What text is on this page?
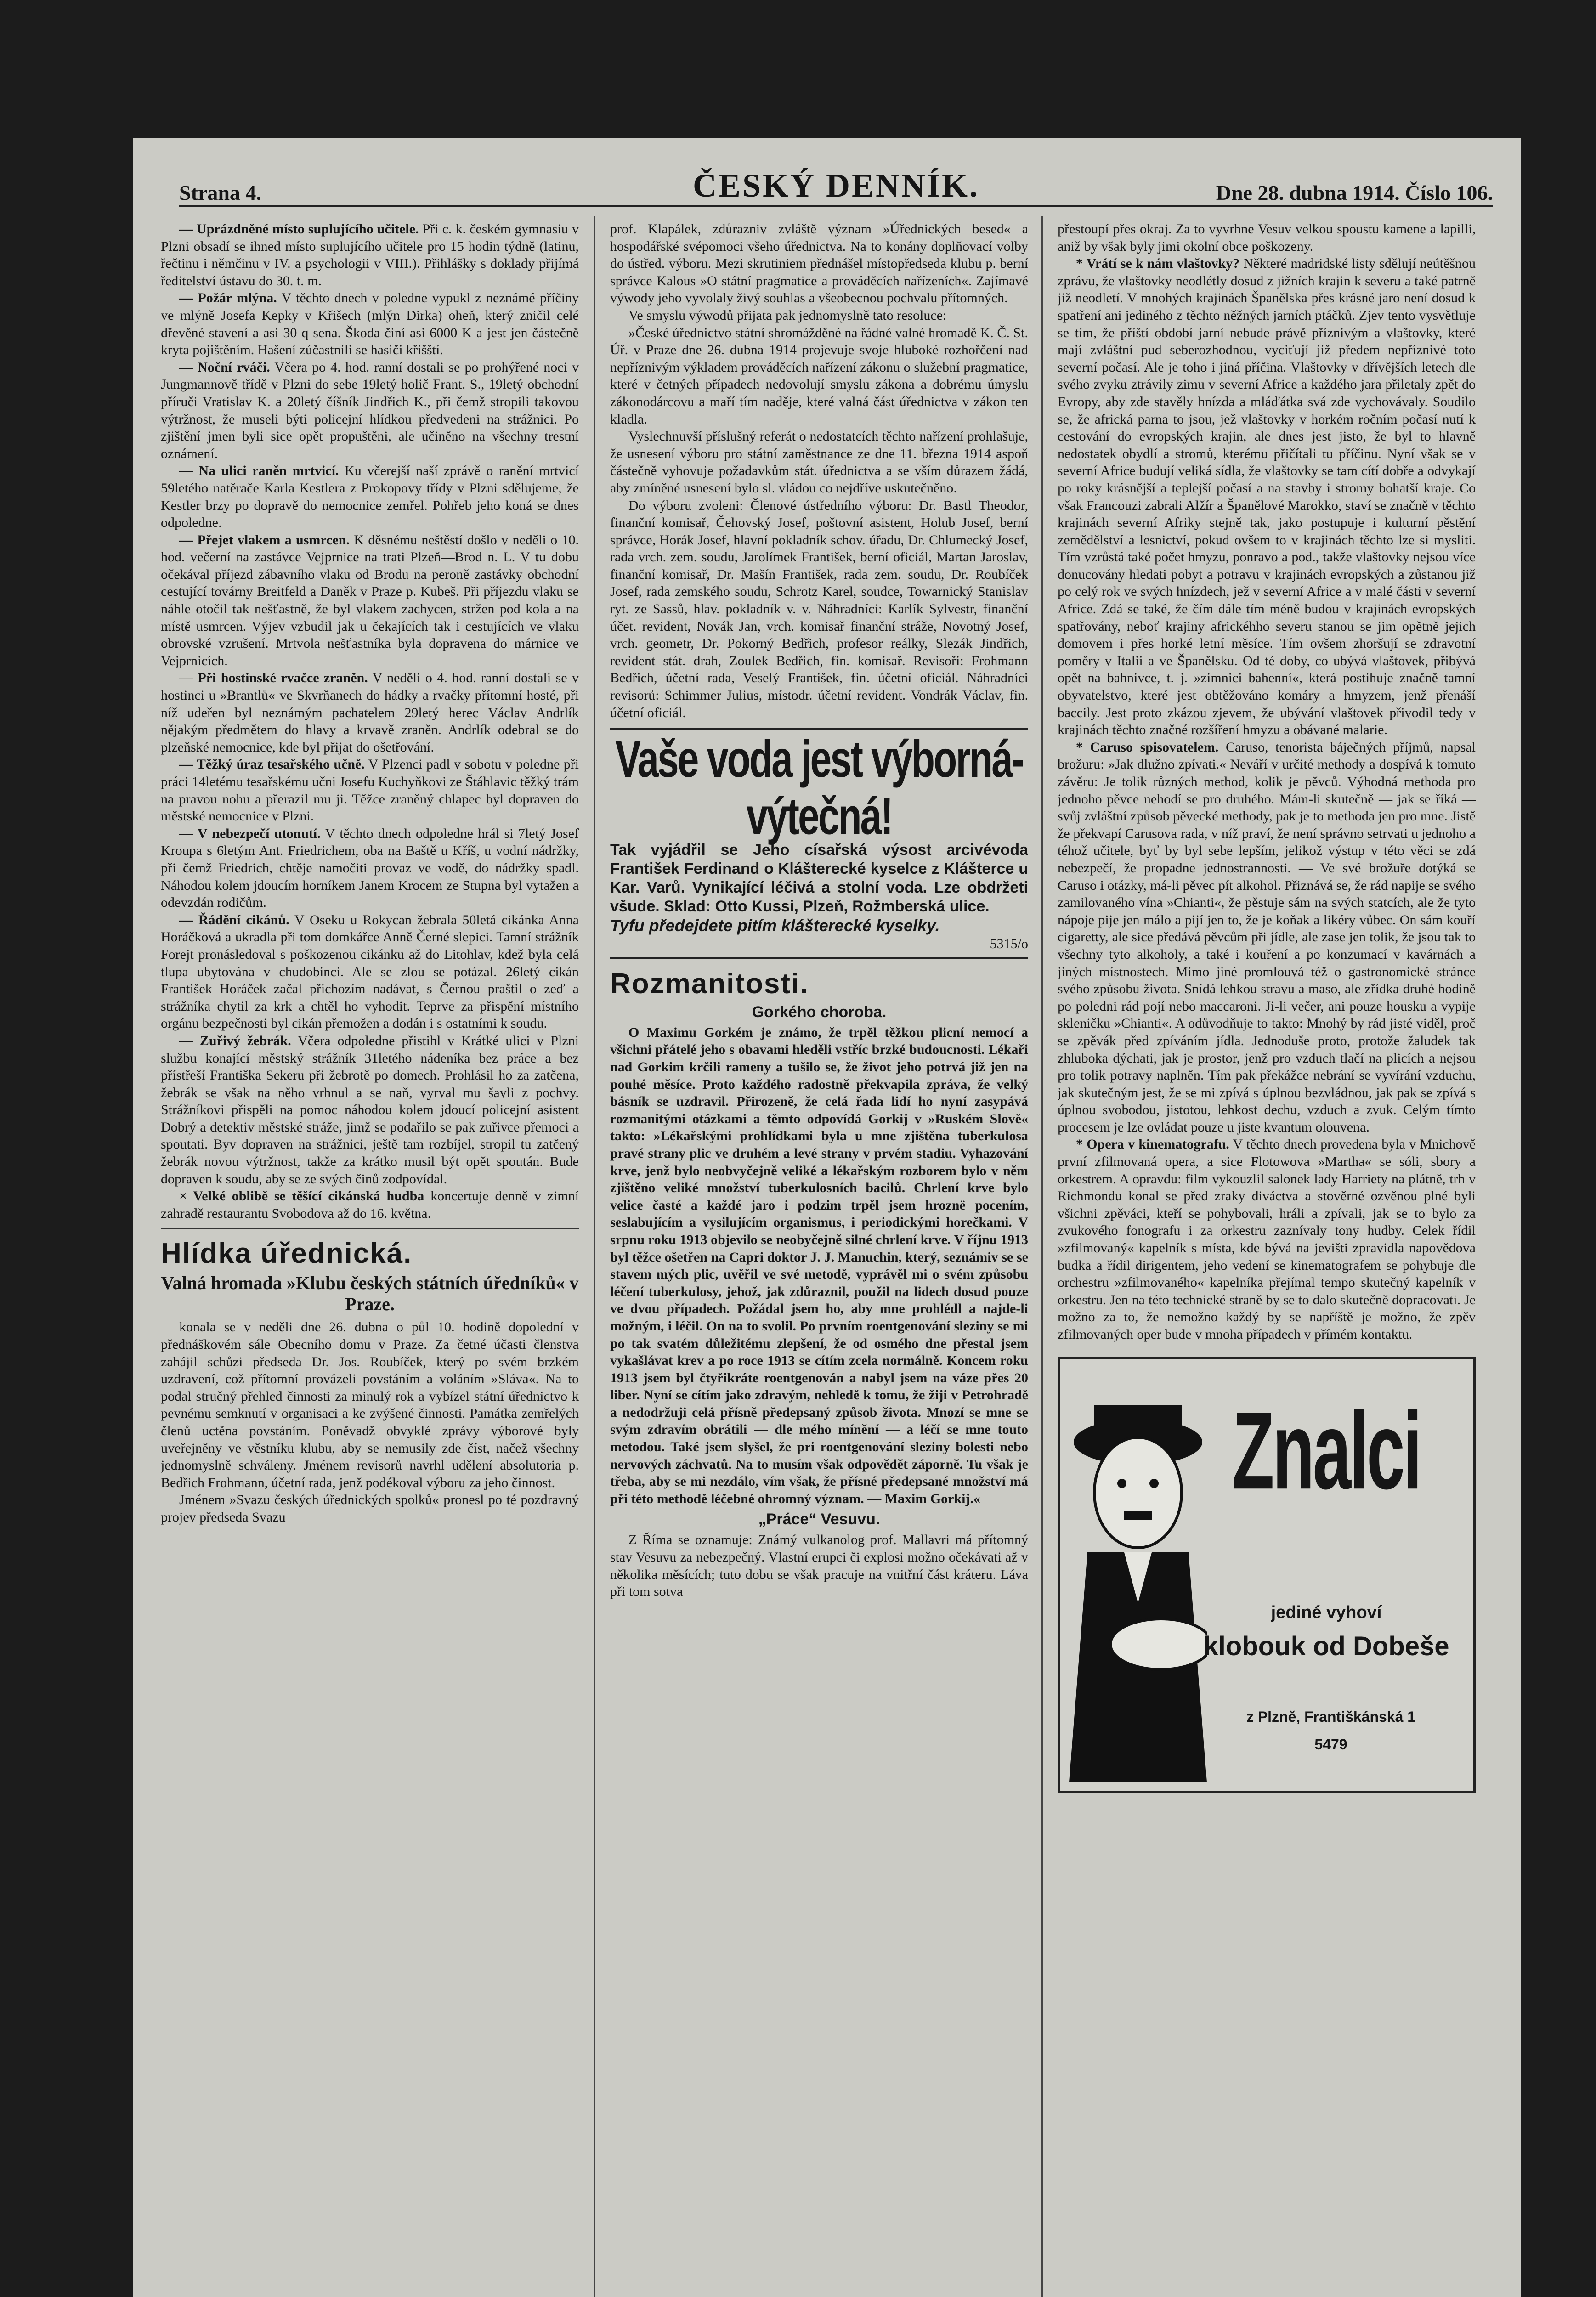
Strana 4.	ČESKÝ DENNÍK.	Dne 28. dubna 1914. Číslo 106.

— Uprázdněné místo suplujícího učitele. Při c. k. českém gymnasiu v Plzni obsadí se ihned místo suplujícího učitele pro 15 hodin týdně (latinu, řečtinu i němčinu v IV. a psychologii v VIII.). Přihlášky s doklady přijímá ředitelství ústavu do 30. t. m.

— Požár mlýna. V těchto dnech v poledne vypukl z neznámé příčiny ve mlýně Josefa Kepky v Křišech (mlýn Dirka) oheň, který zničil celé dřevěné stavení a asi 30 q sena. Škoda činí asi 6000 K a jest jen částečně kryta pojištěním. Hašení zúčastnili se hasiči křišští.

— Noční rváči. Včera po 4. hod. ranní dostali se po prohýřené noci v Jungmannově třídě v Plzni do sebe 19letý holič Frant. S., 19letý obchodní příruči Vratislav K. a 20letý číšník Jindřich K., při čemž stropili takovou výtržnost, že museli býti policejní hlídkou předvedeni na strážnici. Po zjištění jmen byli sice opět propuštěni, ale učiněno na všechny trestní oznámení.

— Na ulici raněn mrtvicí. Ku včerejší naší zprávě o ranění mrtvicí 59letého natěrače Karla Kestlera z Prokopovy třídy v Plzni sdělujeme, že Kestler brzy po dopravě do nemocnice zemřel. Pohřeb jeho koná se dnes odpoledne.

— Přejet vlakem a usmrcen. K děsnému neštěstí došlo v neděli o 10. hod. večerní na zastávce Vejprnice na trati Plzeň—Brod n. L. V tu dobu očekával příjezd zábavního vlaku od Brodu na peroně zastávky obchodní cestující továrny Breitfeld a Daněk v Praze p. Kubeš. Při příjezdu vlaku se náhle otočil tak nešťastně, že byl vlakem zachycen, stržen pod kola a na místě usmrcen. Výjev vzbudil jak u čekajících tak i cestujících ve vlaku obrovské vzrušení. Mrtvola nešťastníka byla dopravena do márnice ve Vejprnicích.

— Při hostinské rvačce zraněn. V neděli o 4. hod. ranní dostali se v hostinci u »Brantlů« ve Skvrňanech do hádky a rvačky přítomní hosté, při níž udeřen byl neznámým pachatelem 29letý herec Václav Andrlík nějakým předmětem do hlavy a krvavě zraněn. Andrlík odebral se do plzeňské nemocnice, kde byl přijat do ošetřování.

— Těžký úraz tesařského učně. V Plzenci padl v sobotu v poledne při práci 14letému tesařskému učni Josefu Kuchyňkovi ze Štáhlavic těžký trám na pravou nohu a přerazil mu ji. Těžce zraněný chlapec byl dopraven do městské nemocnice v Plzni.

— V nebezpečí utonutí. V těchto dnech odpoledne hrál si 7letý Josef Kroupa s 6letým Ant. Friedrichem, oba na Baště u Kříš, u vodní nádržky, při čemž Friedrich, chtěje namočiti provaz ve vodě, do nádržky spadl. Náhodou kolem jdoucím horníkem Janem Krocem ze Stupna byl vytažen a odevzdán rodičům.

— Řádění cikánů. V Oseku u Rokycan žebrala 50letá cikánka Anna Horáčková a ukradla při tom domkářce Anně Černé slepici. Tamní strážník Forejt pronásledoval s poškozenou cikánku až do Litohlav, kdež byla celá tlupa ubytována v chudobinci. Ale se zlou se potázal. 26letý cikán František Horáček začal přichozím nadávat, s Černou praštil o zeď a strážníka chytil za krk a chtěl ho vyhodit. Teprve za přispění místního orgánu bezpečnosti byl cikán přemožen a dodán i s ostatními k soudu.

— Zuřivý žebrák. Včera odpoledne přistihl v Krátké ulici v Plzni službu konající městský strážník 31letého nádeníka bez práce a bez přístřeší Františka Sekeru při žebrotě po domech. Prohlásil ho za zatčena, žebrák se však na něho vrhnul a se naň, vyrval mu šavli z pochvy. Strážníkovi přispěli na pomoc náhodou kolem jdoucí policejní asistent Dobrý a detektiv městské stráže, jimž se podařilo se pak zuřivce přemoci a spoutati. Byv dopraven na strážnici, ještě tam rozbíjel, stropil tu zatčený žebrák novou výtržnost, takže za krátko musil být opět spoután. Bude dopraven k soudu, aby se ze svých činů zodpovídal.

× Velké oblibě se těšící cikánská hudba koncertuje denně v zimní zahradě restaurantu Svobodova až do 16. května.

Hlídka úřednická.
Valná hromada »Klubu českých státních úředníků« v Praze.

konala se v neděli dne 26. dubna o půl 10. hodině dopolední v přednáškovém sále Obecního domu v Praze. Za četné účasti členstva zahájil schůzi předseda Dr. Jos. Roubíček, který po svém brzkém uzdravení, což přítomní provázeli povstáním a voláním »Sláva«. Na to podal stručný přehled činnosti za minulý rok a vybízel státní úřednictvo k pevnému semknutí v organisaci a ke zvýšené činnosti. Památka zemřelých členů uctěna povstáním. Poněvadž obvyklé zprávy výborové byly uveřejněny ve věstníku klubu, aby se nemusily zde číst, načež všechny jednomyslně schváleny. Jménem revisorů navrhl udělení absolutoria p. Bedřich Frohmann, účetní rada, jenž podékoval výboru za jeho činnost.

Jménem »Svazu českých úřednických spolků« pronesl po té pozdravný projev předseda Svazu

prof. Klapálek, zdůrazniv zvláště význam »Úřednických besed« a hospodářské svépomoci všeho úřednictva. Na to konány doplňovací volby do ústřed. výboru. Mezi skrutiniem přednášel místopředseda klubu p. berní správce Kalous »O státní pragmatice a prováděcích nařízeních«. Zajímavé výwody jeho vyvolaly živý souhlas a všeobecnou pochvalu přítomných.

Ve smyslu výwodů přijata pak jednomyslně tato resoluce:

»České úřednictvo státní shromážděné na řádné valné hromadě K. Č. St. Úř. v Praze dne 26. dubna 1914 projevuje svoje hluboké rozhořčení nad nepříznivým výkladem prováděcích nařízení zákonu o služební pragmatice, které v četných případech nedovolují smyslu zákona a dobrému úmyslu zákonodárcovu a maří tím naděje, které valná část úřednictva v zákon ten kladla.

Vyslechnuvší příslušný referát o nedostatcích těchto nařízení prohlašuje, že usnesení výboru pro státní zaměstnance ze dne 11. března 1914 aspoň částečně vyhovuje požadavkům stát. úřednictva a se vším důrazem žádá, aby zmíněné usnesení bylo sl. vládou co nejdříve uskutečněno.

Do výboru zvoleni: Členové ústředního výboru: Dr. Bastl Theodor, finanční komisař, Čehovský Josef, poštovní asistent, Holub Josef, berní správce, Horák Josef, hlavní pokladník schov. úřadu, Dr. Chlumecký Josef, rada vrch. zem. soudu, Jarolímek František, berní oficiál, Martan Jaroslav, finanční komisař, Dr. Mašín František, rada zem. soudu, Dr. Roubíček Josef, rada zemského soudu, Schrotz Karel, soudce, Towarnický Stanislav ryt. ze Sassů, hlav. pokladník v. v. Náhradníci: Karlík Sylvestr, finanční účet. revident, Novák Jan, vrch. komisař finanční stráže, Novotný Josef, vrch. geometr, Dr. Pokorný Bedřich, profesor reálky, Slezák Jindřich, revident stát. drah, Zoulek Bedřich, fin. komisař. Revisoři: Frohmann Bedřich, účetní rada, Veselý František, fin. účetní oficiál. Náhradníci revisorů: Schimmer Julius, místodr. účetní revident. Vondrák Václav, fin. účetní oficiál.

Vaše voda jest výborná-výtečná!
Tak vyjádřil se Jeho císařská výsost arcivévoda František Ferdinand o Klášterecké kyselce z Klášterce u Kar. Varů. Vynikající léčivá a stolní voda. Lze obdržeti všude. Sklad: Otto Kussi, Plzeň, Rožmberská ulice.
Tyfu předejdete pitím klášterecké kyselky.
5315/o
Rozmanitosti.
Gorkého choroba.

O Maximu Gorkém je známo, že trpěl těžkou plicní nemocí a všichni přátelé jeho s obavami hleděli vstříc brzké budoucnosti. Lékaři nad Gorkim krčili rameny a tušilo se, že život jeho potrvá již jen na pouhé měsíce. Proto každého radostně překvapila zpráva, že velký básník se uzdravil. Přirozeně, že celá řada lidí ho nyní zasypává rozmanitými otázkami a těmto odpovídá Gorkij v »Ruském Slově« takto: »Lékařskými prohlídkami byla u mne zjištěna tuberkulosa pravé strany plic ve druhém a levé strany v prvém stadiu. Vyhazování krve, jenž bylo neobvyčejně veliké a lékařským rozborem bylo v něm zjištěno veliké množství tuberkulosních bacilů. Chrlení krve bylo velice časté a každé jaro i podzim trpěl jsem hroznë pocením, seslabujícím a vysilujícím organismus, i periodickými horečkami. V srpnu roku 1913 objevilo se neobyčejně silné chrlení krve. V říjnu 1913 byl těžce ošetřen na Capri doktor J. J. Manuchin, který, seznámiv se se stavem mých plic, uvěřil ve své metodě, vyprávěl mi o svém způsobu léčení tuberkulosy, jehož, jak zdůraznil, použil na lidech dosud pouze ve dvou případech. Požádal jsem ho, aby mne prohlédl a najde-li možným, i léčil. On na to svolil. Po prvním roentgenování sleziny se mi po tak svatém důležitému zlepšení, že od osmého dne přestal jsem vykašlávat krev a po roce 1913 se cítím zcela normálně. Koncem roku 1913 jsem byl čtyřikráte roentgenován a nabyl jsem na váze přes 20 liber. Nyní se cítím jako zdravým, nehledě k tomu, že žiji v Petrohradě a nedodržuji celá přísně předepsaný způsob života. Mnozí se mne se svým zdravím obrátili — dle mého mínění — a léčí se mne touto metodou. Také jsem slyšel, že pri roentgenování sleziny bolesti nebo nervových záchvatů. Na to musím však odpovědět záporně. Tu však je třeba, aby se mi nezdálo, vím však, že přísné předepsané množství má při této methodě léčebné ohromný význam. — Maxim Gorkij.«

„Práce“ Vesuvu.

Z Říma se oznamuje: Známý vulkanolog prof. Mallavri má přítomný stav Vesuvu za nebezpečný. Vlastní erupci či explosi možno očekávati až v několika měsících; tuto dobu se však pracuje na vnitřní část kráteru. Láva při tom sotva

přestoupí přes okraj. Za to vyvrhne Vesuv velkou spoustu kamene a lapilli, aniž by však byly jimi okolní obce poškozeny.

* Vrátí se k nám vlaštovky? Některé madridské listy sdělují neútěšnou zprávu, že vlaštovky neodlétly dosud z jižních krajin k severu a také patrně již neodletí. V mnohých krajinách Španělska přes krásné jaro není dosud k spatření ani jediného z těchto něžných jarních ptáčků. Zjev tento vysvětluje se tím, že příští období jarní nebude právě příznivým a vlaštovky, které mají zvláštní pud seberozhodnou, vyciťují již předem nepříznivé toto severní počasí. Ale je toho i jiná příčina. Vlaštovky v dřívějších letech dle svého zvyku ztrávily zimu v severní Africe a každého jara přiletaly zpět do Evropy, aby zde stavěly hnízda a mláďátka svá zde vychovávaly. Soudilo se, že africká parna to jsou, jež vlaštovky v horkém ročním počasí nutí k cestování do evropských krajin, ale dnes jest jisto, že byl to hlavně nedostatek obydlí a stromů, kterému přičítali tu příčinu. Nyní však se v severní Africe budují veliká sídla, že vlaštovky se tam cítí dobře a odvykají po roky krásnější a teplejší počasí a na stavby i stromy bohatší kraje. Co však Francouzi zabrali Alžír a Španělové Marokko, staví se značně v těchto krajinách severní Afriky stejně tak, jako postupuje i kulturní pěstění zemědělství a lesnictví, pokud ovšem to v krajinách těchto lze si mysliti. Tím vzrůstá také počet hmyzu, ponravo a pod., takže vlaštovky nejsou více donucovány hledati pobyt a potravu v krajinách evropských a zůstanou již po celý rok ve svých hnízdech, jež v severní Africe a v malé části v severní Africe. Zdá se také, že čím dále tím méně budou v krajinách evropských spatřovány, neboť krajiny africkéhho severu stanou se jim opětně jejich domovem i přes horké letní měsíce. Tím ovšem zhoršují se zdravotní poměry v Italii a ve Španělsku. Od té doby, co ubývá vlaštovek, přibývá opět na bahnivce, t. j. »zimnici bahenní«, která postihuje značně tamní obyvatelstvo, které jest obtěžováno komáry a hmyzem, jenž přenáší baccily. Jest proto zkázou zjevem, že ubývání vlaštovek přivodil tedy v krajinách těchto značné rozšíření hmyzu a obávané malarie.

* Caruso spisovatelem. Caruso, tenorista báječných příjmů, napsal brožuru: »Jak dlužno zpívati.« Neváří v určité methody a dospívá k tomuto závěru: Je tolik různých method, kolik je pěvců. Výhodná methoda pro jednoho pěvce nehodí se pro druhého. Mám-li skutečně — jak se říká — svůj zvláštní způsob pěvecké methody, pak je to methoda jen pro mne. Jistě že překvapí Carusova rada, v níž praví, že není správno setrvati u jednoho a téhož učitele, byť by byl sebe lepším, jelikož výstup v této věci se zdá nebezpečí, že propadne jednostrannosti. — Ve své brožuře dotýká se Caruso i otázky, má-li pěvec pít alkohol. Přiznává se, že rád napije se svého zamilovaného vína »Chianti«, že pěstuje sám na svých statcích, ale že tyto nápoje pije jen málo a pijí jen to, že je koňak a likéry vůbec. On sám kouří cigaretty, ale sice předává pěvcům při jídle, ale zase jen tolik, že jsou tak to všechny tyto alkoholy, a také i kouření a po konzumací v kavárnách a jiných místnostech. Mimo jiné promlouvá též o gastronomické stránce svého způsobu života. Snídá lehkou stravu a maso, ale zřídka druhé hodině po poledni rád pojí nebo maccaroni. Ji-li večer, ani pouze housku a vypije skleničku »Chianti«. A odůvodňuje to takto: Mnohý by rád jisté viděl, proč se zpěvák před zpíváním jídla. Jednoduše proto, protože žaludek tak zhluboka dýchati, jak je prostor, jenž pro vzduch tlačí na plicích a nejsou pro tolik potravy naplněn. Tím pak překážce nebrání se vyvírání vzduchu, jak skutečným jest, že se mi zpívá s úplnou bezvládnou, jak pak se zpívá s úplnou svobodou, jistotou, lehkost dechu, vzduch a zvuk. Celým tímto procesem je lze ovládat pouze u jiste kvantum olouvena.

* Opera v kinematografu. V těchto dnech provedena byla v Mnichově první zfilmovaná opera, a sice Flotowova »Martha« se sóli, sbory a orkestrem. A opravdu: film vykouzlil salonek lady Harriety na plátně, trh v Richmondu konal se před zraky diváctva a stověrné ozvěnou plné byli všichni zpěváci, kteří se pohybovali, hráli a zpívali, jak se to bylo za zvukového fonografu i za orkestru zaznívaly tony hudby. Celek řídil »zfilmovaný« kapelník s místa, kde bývá na jevišti zpravidla napovědova budka a řídil dirigentem, jeho vedení se kinematografem se pohybuje dle orchestru »zfilmovaného« kapelníka přejímal tempo skutečný kapelník v orkestru. Jen na této technické straně by se to dalo skutečně dopracovati. Je možno za to, že nemožno každý by se napříště je možno, že zpěv zfilmovaných oper bude v mnoha případech v přímém kontaktu.

Znalci
jediné vyhoví
klobouk od Dobeše
z Plzně, Františkánská 1
5479
